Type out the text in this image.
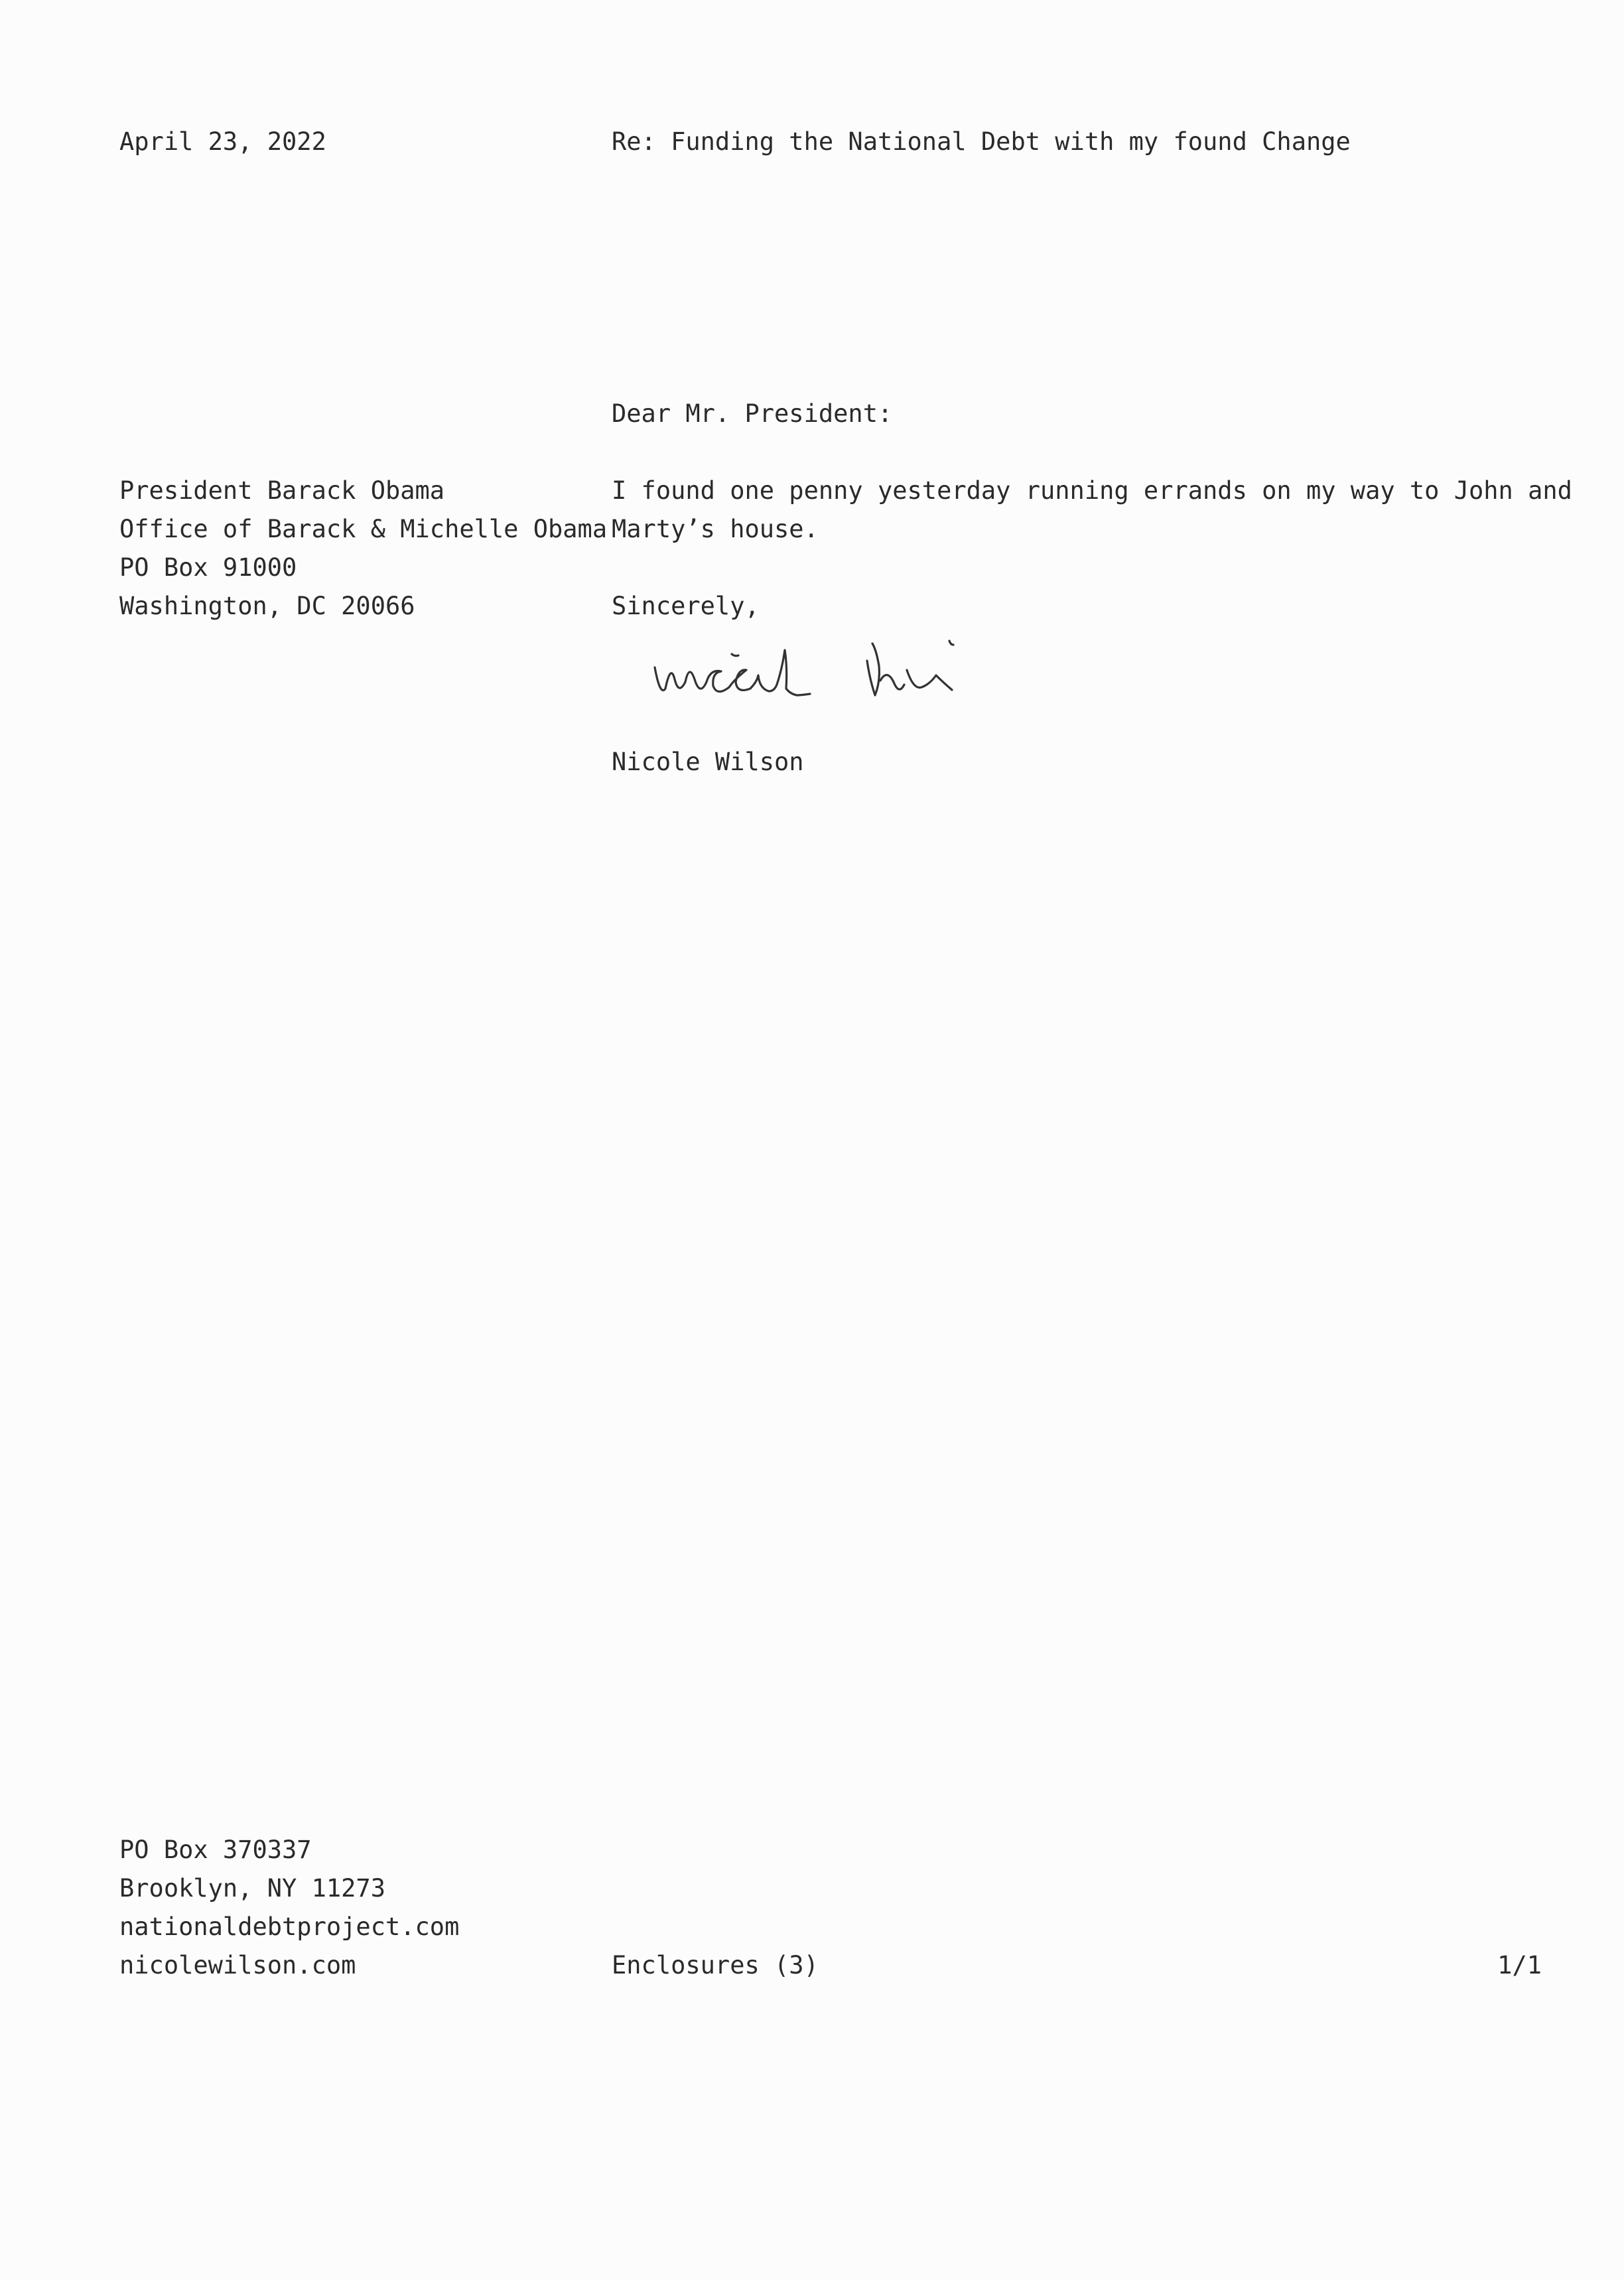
April 23, 2022	Re: Funding the National Debt with my found Change
Dear Mr. President:
President Barack Obama
Office of Barack & Michelle Obama
PO Box 91000
Washington, DC 20066
I found one penny yesterday running errands on my way to John and
Marty’s house.
Sincerely,
Nicole Wilson
PO Box 370337
Brooklyn, NY 11273
nationaldebtproject.com
nicolewilson.com	Enclosures (3)	1/1
